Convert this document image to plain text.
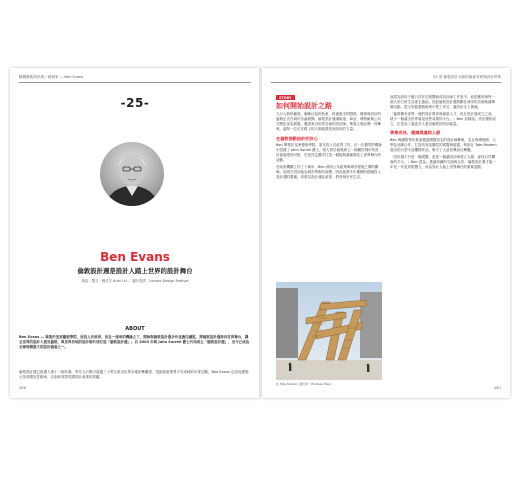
韓國藝術設計展／藝術家 — Ben Evans
-25-
Ben Evans
倫敦設計週是設計人踏上世界的設計舞台
採訪：撰文：劉佳宇 Ariel Liu ／ 圖片提供：London Design Festival
ABOUT
Ben Evans — 畢業於皇家藝術學院，原投入於政界，但在一連串的機緣之下，開始與倫敦設計週合作並擔任總監，將倫敦設計週推向世界舞台，讓全世界的設計人看見倫敦，與世界各地的設計師共同打造「倫敦設計週」。自 2003 年與 John Sorrell 爵士共同成立「倫敦設計週」，至今已成為全球規模最大的設計盛會之一。
倫敦設計週已經邁入第十二個年頭，每年九月吸引超過三十萬名來自世界各地的參觀者，是創意產業界不可或缺的年度活動。Ben Evans 也因此獲頒大英帝國官佐勳章，以表彰其對英國設計產業的貢獻。
286
22 堂 倫敦設計大師的創意本質與設計哲學
STORY
如何開始設計之路

九月人秋的倫敦，漸漸泛起的秋意，跨過夏末的悶熱，藝術與設計的盛典正式在城市各處展開。倫敦設計週讓街道、商店、博物館與公共空間化身為展場，邀請來自世界各地的設計師、策展人與品牌一同參與，讓每一位走在路上的人都能感受到設計的力量。

在倫敦推動設計的決心

Ben 畢業於皇家藝術學院，原先投入於政界工作，在一次偶然的機會中認識了 John Sorrell 爵士，兩人對於倫敦缺乏一個屬於城市的設計盛會感到可惜，於是決定攜手打造一個能夠讓倫敦站上世界舞台的活動。

在政府機關工作了十幾年，Ben 深知公共政策與城市發展之間的關係，也明白設計能為城市帶來的改變。因此他將多年累積的經驗投入設計週的籌備，希望以設計連結產業、教育與市民生活。

在 Tate Modern 展出的「Endless Stair」

他認為設計不應只存在於展覽館或設計師工作室中，而是應該與每一個人的日常生活產生連結。因此倫敦設計週鼓勵在城市的各個角落舉辦活動，從大型裝置藝術到小型工作坊，讓設計走入街頭。

「倫敦擁有世界一流的設計教育與創意人才，但在設計週成立之前，缺少一個讓全世界看見這些成果的平台。」Ben 這樣說。設計週的成立，正是為了讓更多人看見倫敦的設計能量。

事業成長、邀請與連結人脈

Ben 與團隊每年都會邀請國際知名的設計師參與，並且與博物館、大學及品牌合作，打造具有話題性的展覽與裝置，例如在 Tate Modern 展出的大型木造樓梯作品，吸引了大量民眾前往參觀。

「設計週不只是一場展覽，更是一個讓設計師建立人脈、尋找合作機會的平台。」Ben 認為，透過持續的交流與合作，倫敦設計週才能一年比一年更具影響力，成為設計人踏上世界舞台的重要起點。

287
